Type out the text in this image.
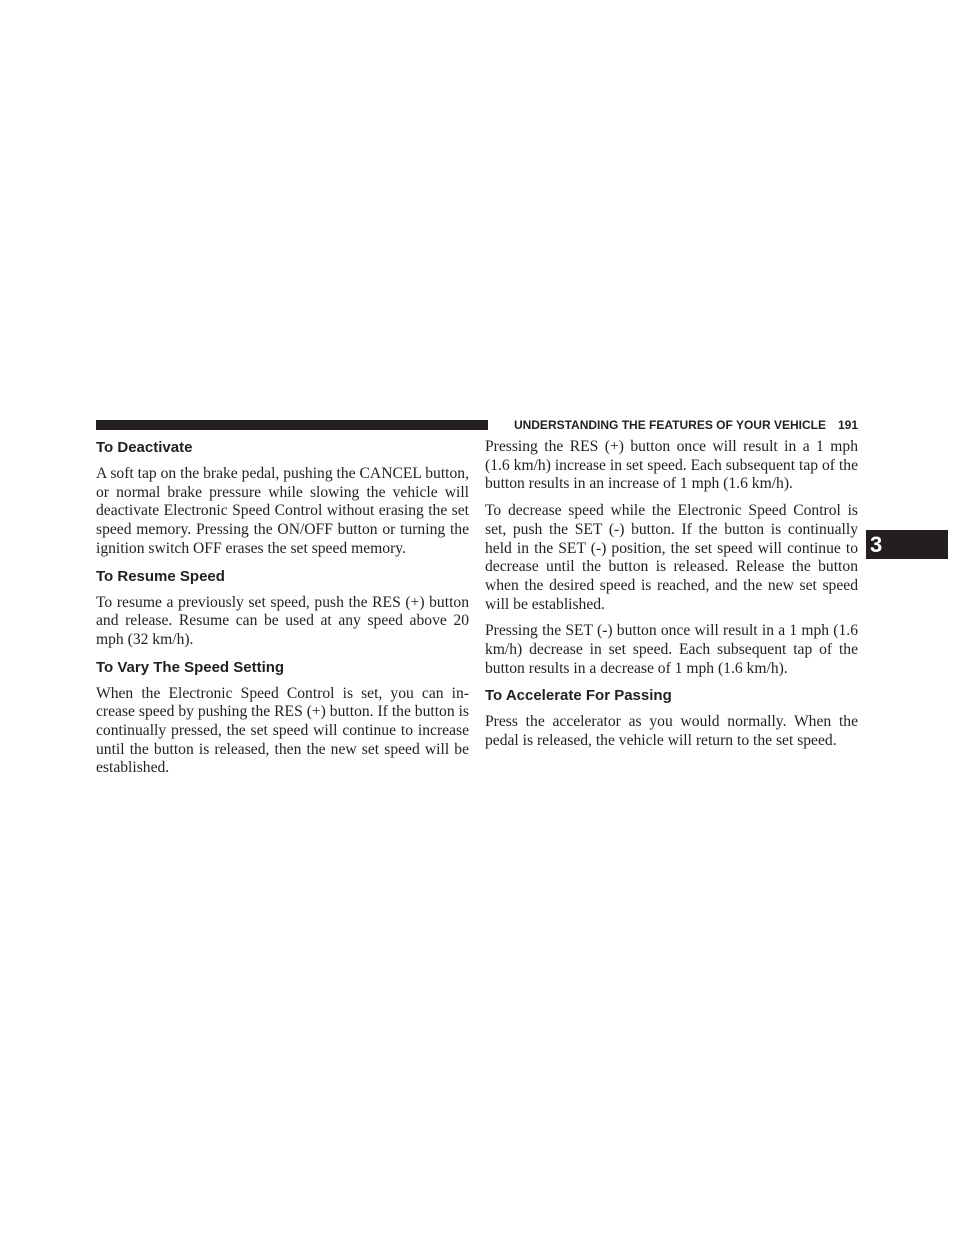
UNDERSTANDING THE FEATURES OF YOUR VEHICLE 191
3
To Deactivate

A soft tap on the brake pedal, pushing the CANCEL button, or normal brake pressure while slowing the vehicle will deactivate Electronic Speed Control without erasing the set speed memory. Pressing the ON/OFF button or turning the ignition switch OFF erases the set speed memory.

To Resume Speed

To resume a previously set speed, push the RES (+) button and release. Resume can be used at any speed above 20 mph (32 km/h).

To Vary The Speed Setting

When the Electronic Speed Control is set, you can in-crease speed by pushing the RES (+) button. If the button is continually pressed, the set speed will continue to increase until the button is released, then the new set speed will be established.

Pressing the RES (+) button once will result in a 1 mph (1.6 km/h) increase in set speed. Each subsequent tap of the button results in an increase of 1 mph (1.6 km/h).

To decrease speed while the Electronic Speed Control is set, push the SET (-) button. If the button is continually held in the SET (-) position, the set speed will continue to decrease until the button is released. Release the button when the desired speed is reached, and the new set speed will be established.

Pressing the SET (-) button once will result in a 1 mph (1.6 km/h) decrease in set speed. Each subsequent tap of the button results in a decrease of 1 mph (1.6 km/h).

To Accelerate For Passing

Press the accelerator as you would normally. When the pedal is released, the vehicle will return to the set speed.
